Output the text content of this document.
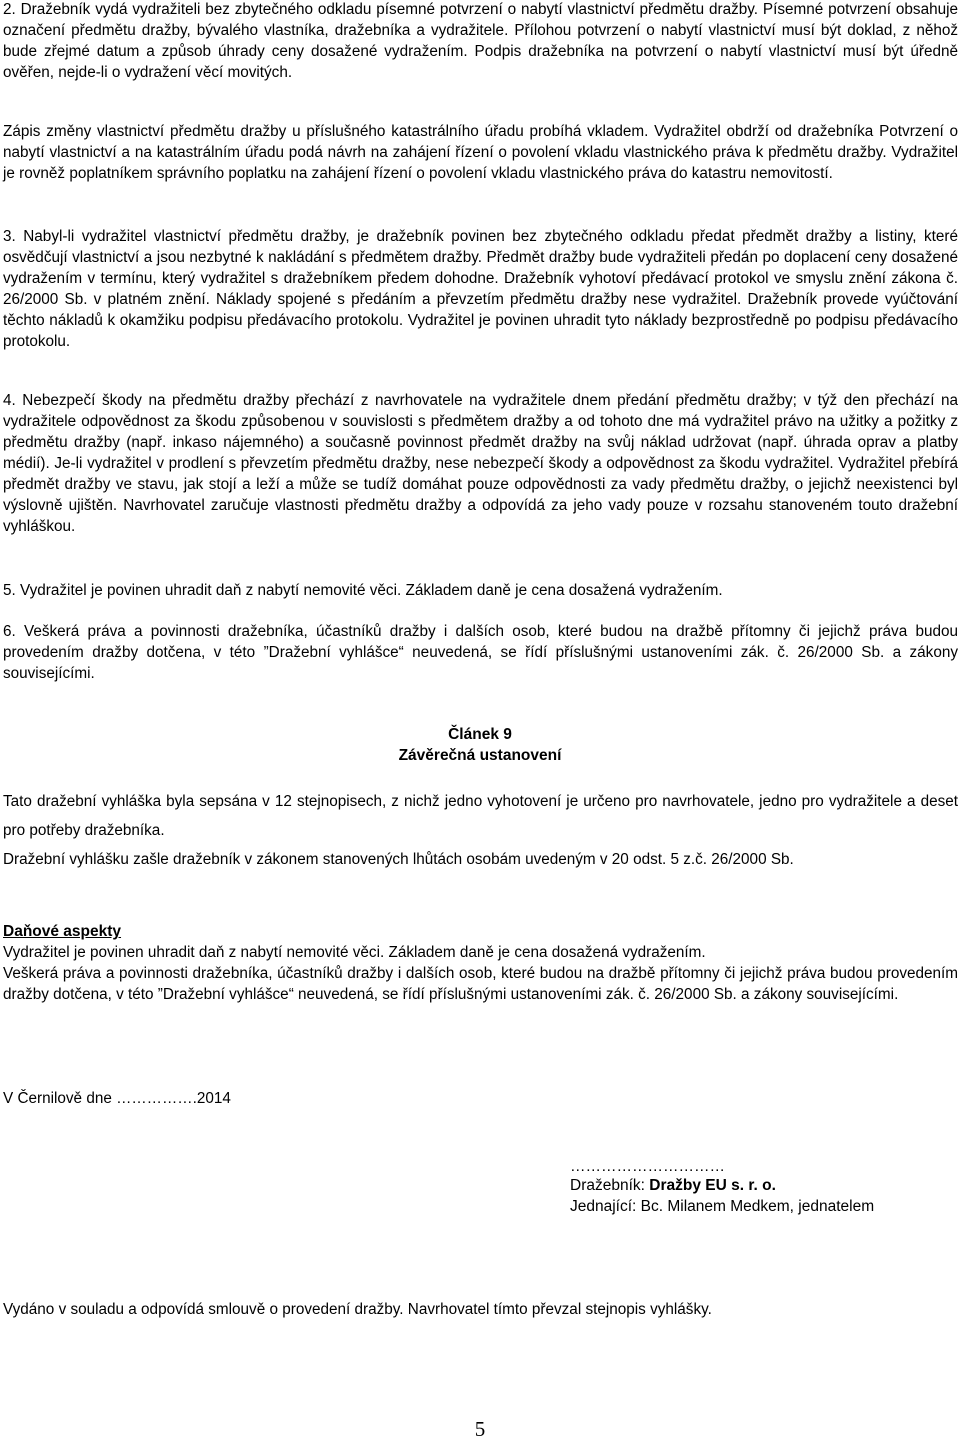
2. Dražebník vydá vydražiteli bez zbytečného odkladu písemné potvrzení o nabytí vlastnictví předmětu dražby. Písemné potvrzení obsahuje označení předmětu dražby, bývalého vlastníka, dražebníka a vydražitele. Přílohou potvrzení o nabytí vlastnictví musí být doklad, z něhož bude zřejmé datum a způsob úhrady ceny dosažené vydražením. Podpis dražebníka na potvrzení o nabytí vlastnictví musí být úředně ověřen, nejde-li o vydražení věcí movitých.

Zápis změny vlastnictví předmětu dražby u příslušného katastrálního úřadu probíhá vkladem. Vydražitel obdrží od dražebníka Potvrzení o nabytí vlastnictví a na katastrálním úřadu podá návrh na zahájení řízení o povolení vkladu vlastnického práva k předmětu dražby. Vydražitel je rovněž poplatníkem správního poplatku na zahájení řízení o povolení vkladu vlastnického práva do katastru nemovitostí.

3. Nabyl-li vydražitel vlastnictví předmětu dražby, je dražebník povinen bez zbytečného odkladu předat předmět dražby a listiny, které osvědčují vlastnictví a jsou nezbytné k nakládání s předmětem dražby. Předmět dražby bude vydražiteli předán po doplacení ceny dosažené vydražením v termínu, který vydražitel s dražebníkem předem dohodne. Dražebník vyhotoví předávací protokol ve smyslu znění zákona č. 26/2000 Sb. v platném znění. Náklady spojené s předáním a převzetím předmětu dražby nese vydražitel. Dražebník provede vyúčtování těchto nákladů k okamžiku podpisu předávacího protokolu. Vydražitel je povinen uhradit tyto náklady bezprostředně po podpisu předávacího protokolu.

4. Nebezpečí škody na předmětu dražby přechází z navrhovatele na vydražitele dnem předání předmětu dražby; v týž den přechází na vydražitele odpovědnost za škodu způsobenou v souvislosti s předmětem dražby a od tohoto dne má vydražitel právo na užitky a požitky z předmětu dražby (např. inkaso nájemného) a současně povinnost předmět dražby na svůj náklad udržovat (např. úhrada oprav a platby médií). Je-li vydražitel v prodlení s převzetím předmětu dražby, nese nebezpečí škody a odpovědnost za škodu vydražitel. Vydražitel přebírá předmět dražby ve stavu, jak stojí a leží a může se tudíž domáhat pouze odpovědnosti za vady předmětu dražby, o jejichž neexistenci byl výslovně ujištěn. Navrhovatel zaručuje vlastnosti předmětu dražby a odpovídá za jeho vady pouze v rozsahu stanoveném touto dražební vyhláškou.

5. Vydražitel je povinen uhradit daň z nabytí nemovité věci. Základem daně je cena dosažená vydražením.

6. Veškerá práva a povinnosti dražebníka, účastníků dražby i dalších osob, které budou na dražbě přítomny či jejichž práva budou provedením dražby dotčena, v této ”Dražební vyhlášce“ neuvedená, se řídí příslušnými ustanoveními zák. č. 26/2000 Sb. a zákony souvisejícími.

Článek 9
Závěrečná ustanovení

Tato dražební vyhláška byla sepsána v 12 stejnopisech, z nichž jedno vyhotovení je určeno pro navrhovatele, jedno pro vydražitele a deset pro potřeby dražebníka.

Dražební vyhlášku zašle dražebník v zákonem stanovených lhůtách osobám uvedeným v 20 odst. 5 z.č. 26/2000 Sb.

Daňové aspekty

Vydražitel je povinen uhradit daň z nabytí nemovité věci. Základem daně je cena dosažená vydražením.

Veškerá práva a povinnosti dražebníka, účastníků dražby i dalších osob, které budou na dražbě přítomny či jejichž práva budou provedením dražby dotčena, v této ”Dražební vyhlášce“ neuvedená, se řídí příslušnými ustanoveními zák. č. 26/2000 Sb. a zákony souvisejícími.

V Černilově dne …………….2014
…………………………
Dražebník: Dražby EU s. r. o.
Jednající: Bc. Milanem Medkem, jednatelem
Vydáno v souladu a odpovídá smlouvě o provedení dražby. Navrhovatel tímto převzal stejnopis vyhlášky.
5
